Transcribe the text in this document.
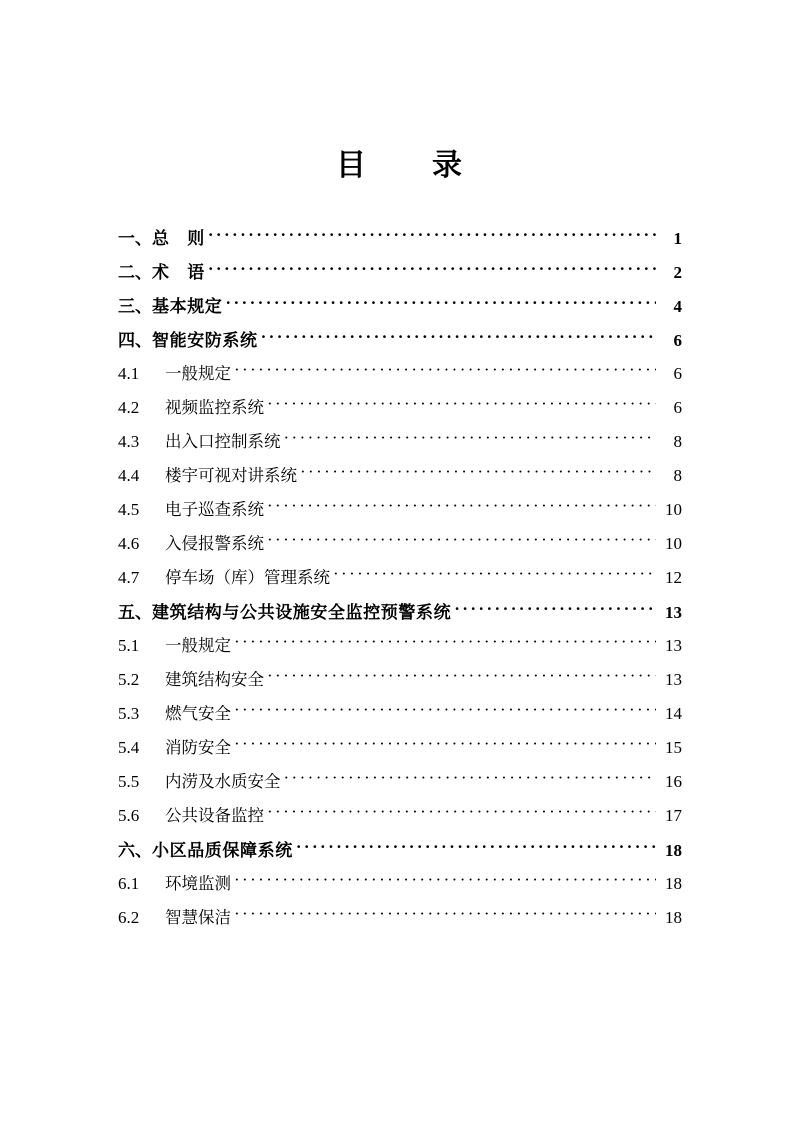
目　　录
一、 总　则 ·····	1
二、 术　语 ·····	2
三、 基本规定 ·····	4
四、 智能安防系统 ·····	6
4.1	一般规定 ·····	6
4.2	视频监控系统 ·····	6
4.3	出入口控制系统 ·····	8
4.4	楼宇可视对讲系统 ·····	8
4.5	电子巡查系统 ·····	10
4.6	入侵报警系统 ·····	10
4.7	停车场（库）管理系统 ·····	12
五、 建筑结构与公共设施安全监控预警系统 ·····	13
5.1	一般规定 ·····	13
5.2	建筑结构安全 ·····	13
5.3	燃气安全 ·····	14
5.4	消防安全 ·····	15
5.5	内涝及水质安全 ·····	16
5.6	公共设备监控 ·····	17
六、 小区品质保障系统 ·····	18
6.1	环境监测 ·····	18
6.2	智慧保洁 ·····	18
